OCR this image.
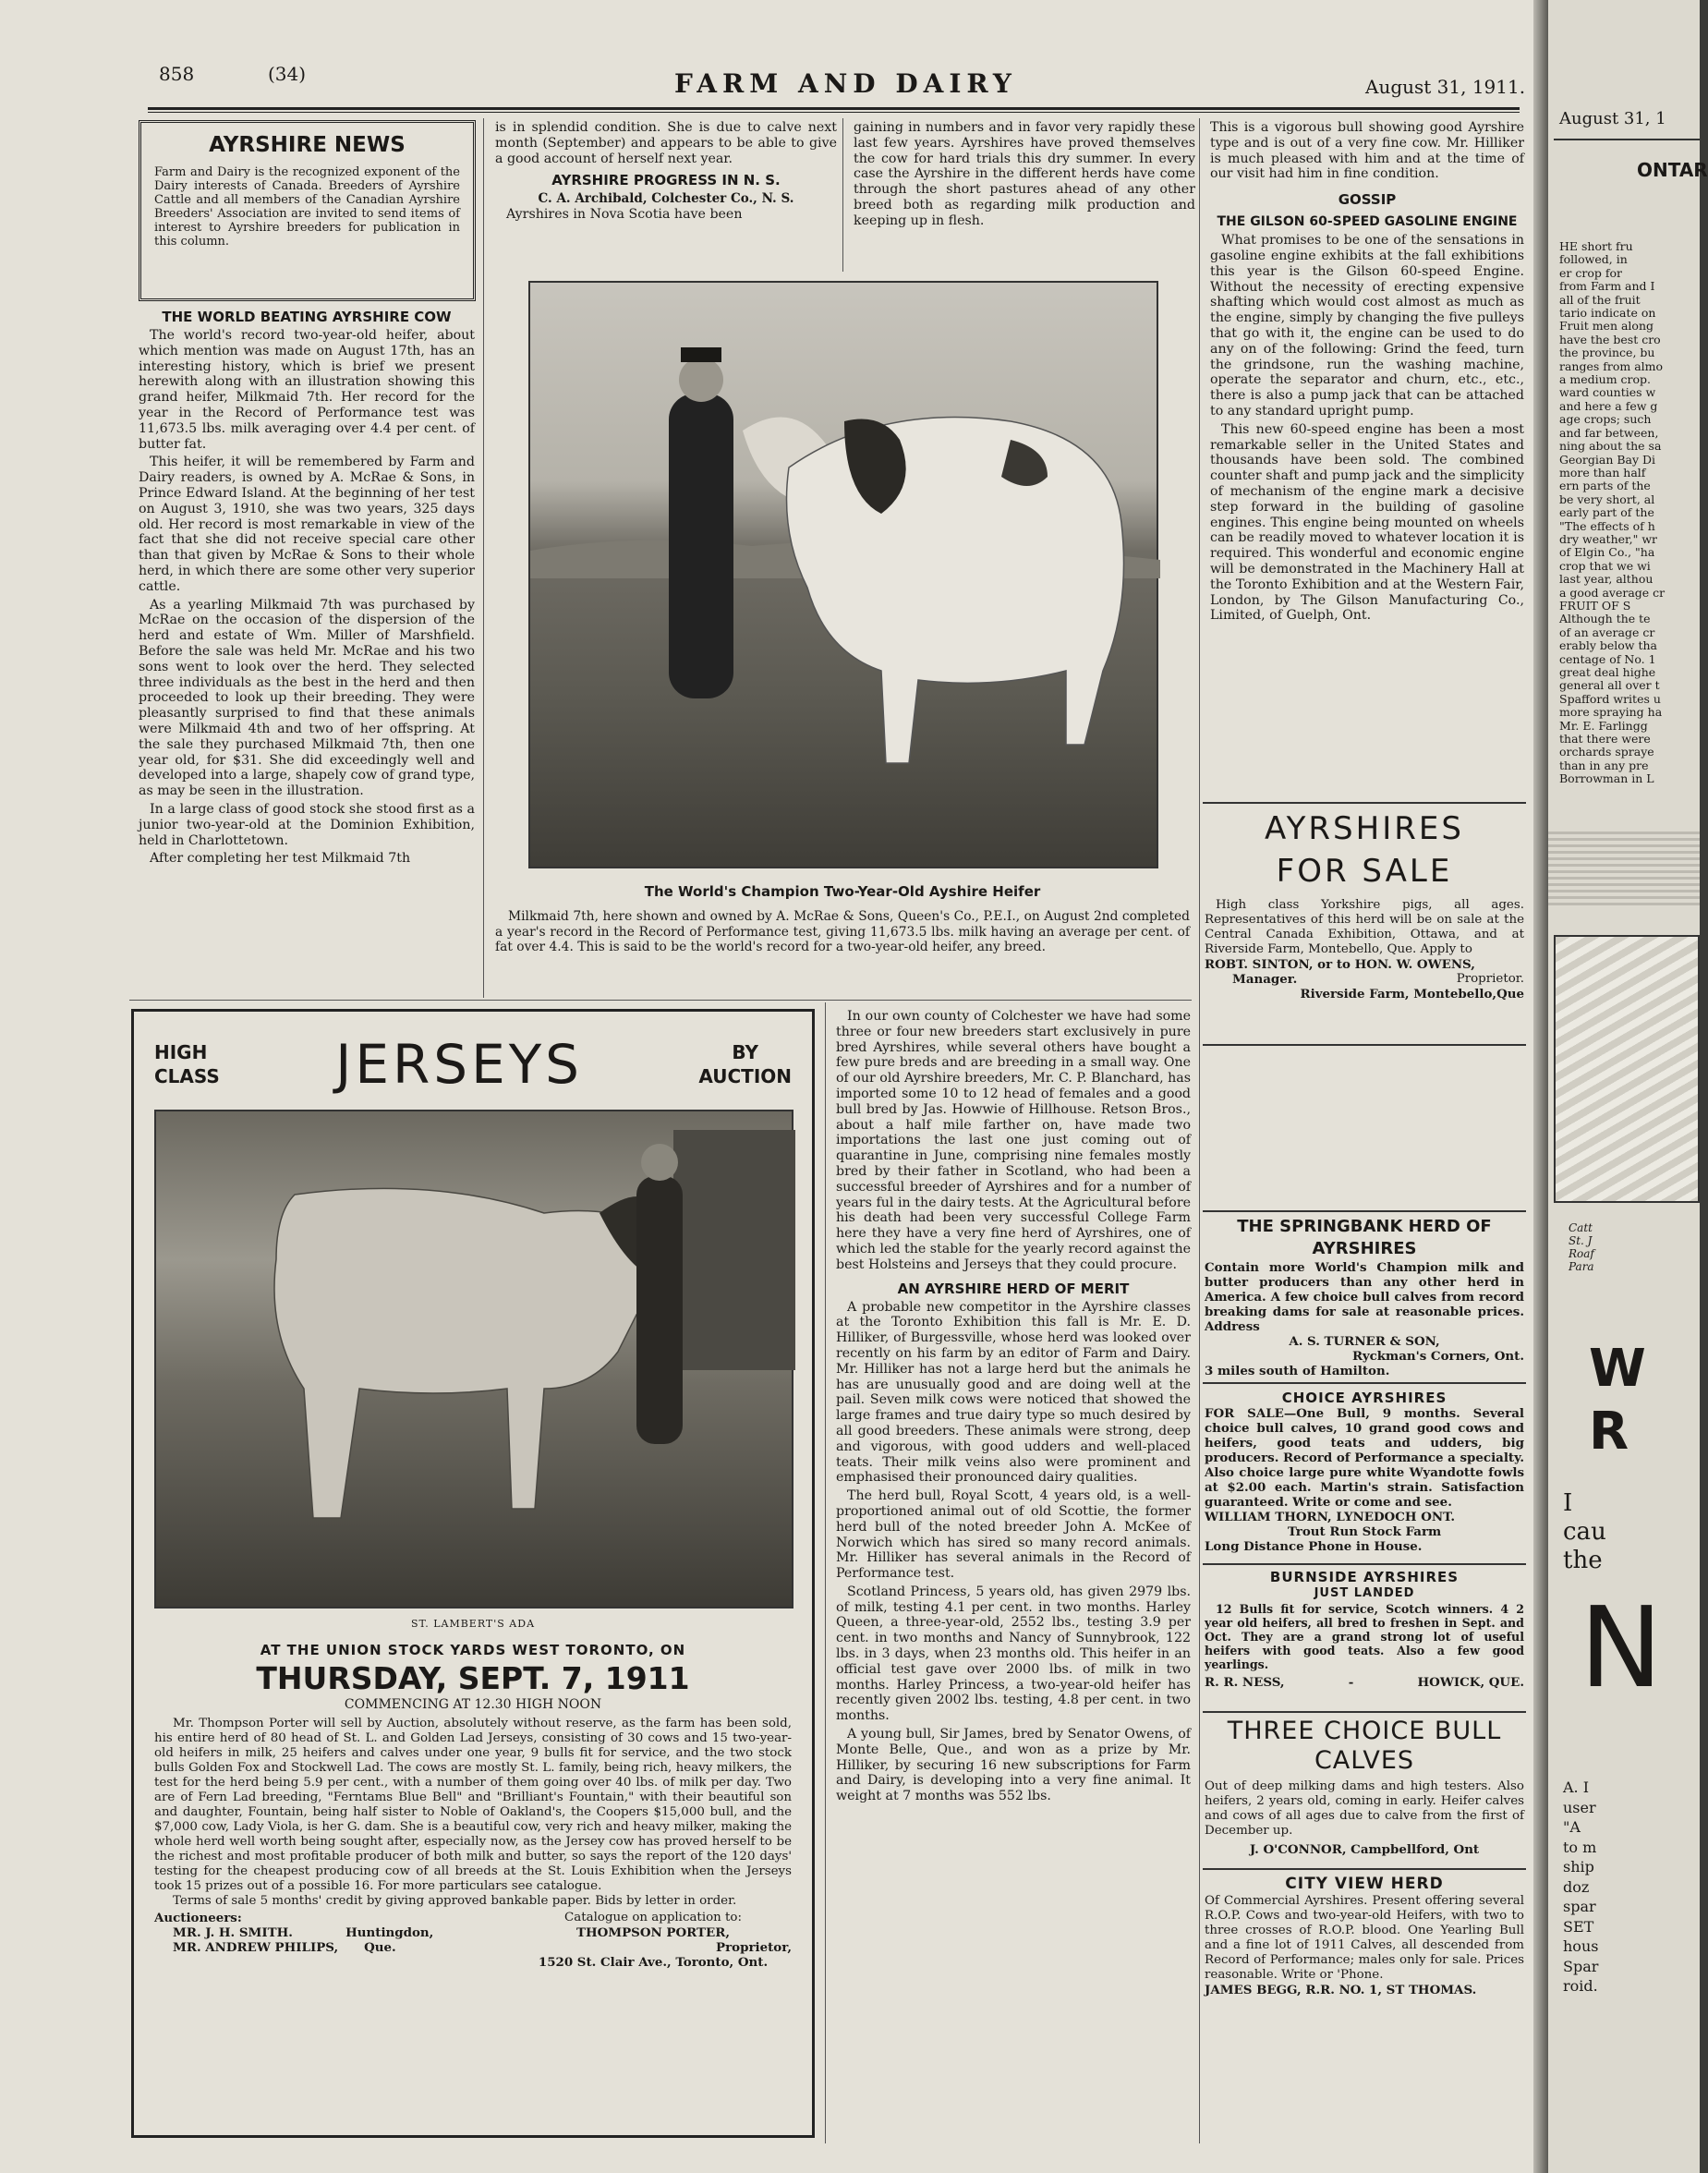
858	(34)	FARM AND DAIRY	August 31, 1911.
AYRSHIRE NEWS
Farm and Dairy is the recognized exponent of the Dairy interests of Canada. Breeders of Ayrshire Cattle and all members of the Canadian Ayrshire Breeders' Association are invited to send items of interest to Ayrshire breeders for publication in this column.
THE WORLD BEATING AYRSHIRE COW

The world's record two-year-old heifer, about which mention was made on August 17th, has an interesting history, which is brief we present herewith along with an illustration showing this grand heifer, Milkmaid 7th. Her record for the year in the Record of Performance test was 11,673.5 lbs. milk averaging over 4.4 per cent. of butter fat.

This heifer, it will be remembered by Farm and Dairy readers, is owned by A. McRae & Sons, in Prince Edward Island. At the beginning of her test on August 3, 1910, she was two years, 325 days old. Her record is most remarkable in view of the fact that she did not receive special care other than that given by McRae & Sons to their whole herd, in which there are some other very superior cattle.

As a yearling Milkmaid 7th was purchased by McRae on the occasion of the dispersion of the herd and estate of Wm. Miller of Marshfield. Before the sale was held Mr. McRae and his two sons went to look over the herd. They selected three individuals as the best in the herd and then proceeded to look up their breeding. They were pleasantly surprised to find that these animals were Milkmaid 4th and two of her offspring. At the sale they purchased Milkmaid 7th, then one year old, for $31. She did exceedingly well and developed into a large, shapely cow of grand type, as may be seen in the illustration.

In a large class of good stock she stood first as a junior two-year-old at the Dominion Exhibition, held in Charlottetown.

After completing her test Milkmaid 7th

is in splendid condition. She is due to calve next month (September) and appears to be able to give a good account of herself next year.

AYRSHIRE PROGRESS IN N. S.
C. A. Archibald, Colchester Co., N. S.

Ayrshires in Nova Scotia have been

gaining in numbers and in favor very rapidly these last few years. Ayrshires have proved themselves the cow for hard trials this dry summer. In every case the Ayrshire in the different herds have come through the short pastures ahead of any other breed both as regarding milk production and keeping up in flesh.

The World's Champion Two-Year-Old Ayshire Heifer
Milkmaid 7th, here shown and owned by A. McRae & Sons, Queen's Co., P.E.I., on August 2nd completed a year's record in the Record of Performance test, giving 11,673.5 lbs. milk having an average per cent. of fat over 4.4. This is said to be the world's record for a two-year-old heifer, any breed.
HIGH
CLASS JERSEYS	BY
AUCTION
ST. LAMBERT'S ADA
AT THE UNION STOCK YARDS WEST TORONTO, ON
THURSDAY, SEPT. 7, 1911
COMMENCING AT 12.30 HIGH NOON
Mr. Thompson Porter will sell by Auction, absolutely without reserve, as the farm has been sold, his entire herd of 80 head of St. L. and Golden Lad Jerseys, consisting of 30 cows and 15 two-year-old heifers in milk, 25 heifers and calves under one year, 9 bulls fit for service, and the two stock bulls Golden Fox and Stockwell Lad. The cows are mostly St. L. family, being rich, heavy milkers, the test for the herd being 5.9 per cent., with a number of them going over 40 lbs. of milk per day. Two are of Fern Lad breeding, "Ferntams Blue Bell" and "Brilliant's Fountain," with their beautiful son and daughter, Fountain, being half sister to Noble of Oakland's, the Coopers $15,000 bull, and the $7,000 cow, Lady Viola, is her G. dam. She is a beautiful cow, very rich and heavy milker, making the whole herd well worth being sought after, especially now, as the Jersey cow has proved herself to be the richest and most profitable producer of both milk and butter, so says the report of the 120 days' testing for the cheapest producing cow of all breeds at the St. Louis Exhibition when the Jerseys took 15 prizes out of a possible 16. For more particulars see catalogue.
Terms of sale 5 months' credit by giving approved bankable paper. Bids by letter in order.
Auctioneers:
MR. J. H. SMITH.
MR. ANDREW PHILIPS,
Huntingdon,
Que.
Catalogue on application to:
THOMPSON PORTER,
Proprietor,
1520 St. Clair Ave., Toronto, Ont.

In our own county of Colchester we have had some three or four new breeders start exclusively in pure bred Ayrshires, while several others have bought a few pure breds and are breeding in a small way. One of our old Ayrshire breeders, Mr. C. P. Blanchard, has imported some 10 to 12 head of females and a good bull bred by Jas. Howwie of Hillhouse. Retson Bros., about a half mile farther on, have made two importations the last one just coming out of quarantine in June, comprising nine females mostly bred by their father in Scotland, who had been a successful breeder of Ayrshires and for a number of years ful in the dairy tests. At the Agricultural before his death had been very successful College Farm here they have a very fine herd of Ayrshires, one of which led the stable for the yearly record against the best Holsteins and Jerseys that they could procure.

AN AYRSHIRE HERD OF MERIT

A probable new competitor in the Ayrshire classes at the Toronto Exhibition this fall is Mr. E. D. Hilliker, of Burgessville, whose herd was looked over recently on his farm by an editor of Farm and Dairy. Mr. Hilliker has not a large herd but the animals he has are unusually good and are doing well at the pail. Seven milk cows were noticed that showed the large frames and true dairy type so much desired by all good breeders. These animals were strong, deep and vigorous, with good udders and well-placed teats. Their milk veins also were prominent and emphasised their pronounced dairy qualities.

The herd bull, Royal Scott, 4 years old, is a well-proportioned animal out of old Scottie, the former herd bull of the noted breeder John A. McKee of Norwich which has sired so many record animals. Mr. Hilliker has several animals in the Record of Performance test.

Scotland Princess, 5 years old, has given 2979 lbs. of milk, testing 4.1 per cent. in two months. Harley Queen, a three-year-old, 2552 lbs., testing 3.9 per cent. in two months and Nancy of Sunnybrook, 122 lbs. in 3 days, when 23 months old. This heifer in an official test gave over 2000 lbs. of milk in two months. Harley Princess, a two-year-old heifer has recently given 2002 lbs. testing, 4.8 per cent. in two months.

A young bull, Sir James, bred by Senator Owens, of Monte Belle, Que., and won as a prize by Mr. Hilliker, by securing 16 new subscriptions for Farm and Dairy, is developing into a very fine animal. It weight at 7 months was 552 lbs.

This is a vigorous bull showing good Ayrshire type and is out of a very fine cow. Mr. Hilliker is much pleased with him and at the time of our visit had him in fine condition.

GOSSIP
THE GILSON 60-SPEED GASOLINE ENGINE

What promises to be one of the sensations in gasoline engine exhibits at the fall exhibitions this year is the Gilson 60-speed Engine. Without the necessity of erecting expensive shafting which would cost almost as much as the engine, simply by changing the five pulleys that go with it, the engine can be used to do any on of the following: Grind the feed, turn the grindsone, run the washing machine, operate the separator and churn, etc., etc., there is also a pump jack that can be attached to any standard upright pump.

This new 60-speed engine has been a most remarkable seller in the United States and thousands have been sold. The combined counter shaft and pump jack and the simplicity of mechanism of the engine mark a decisive step forward in the building of gasoline engines. This engine being mounted on wheels can be readily moved to whatever location it is required. This wonderful and economic engine will be demonstrated in the Machinery Hall at the Toronto Exhibition and at the Western Fair, London, by The Gilson Manufacturing Co., Limited, of Guelph, Ont.

AYRSHIRES
FOR SALE
High class Yorkshire pigs, all ages. Representatives of this herd will be on sale at the Central Canada Exhibition, Ottawa, and at Riverside Farm, Montebello, Que. Apply to
ROBT. SINTON, or to HON. W. OWENS,
Manager.	Proprietor.
Riverside Farm, Montebello,Que
THE SPRINGBANK HERD OF AYRSHIRES
Contain more World's Champion milk and butter producers than any other herd in America. A few choice bull calves from record breaking dams for sale at reasonable prices. Address
A. S. TURNER & SON,
Ryckman's Corners, Ont.
3 miles south of Hamilton.
CHOICE AYRSHIRES
FOR SALE—One Bull, 9 months. Several choice bull calves, 10 grand good cows and heifers, good teats and udders, big producers. Record of Performance a specialty. Also choice large pure white Wyandotte fowls at $2.00 each. Martin's strain. Satisfaction guaranteed. Write or come and see.
WILLIAM THORN, LYNEDOCH ONT.
Trout Run Stock Farm
Long Distance Phone in House.
BURNSIDE AYRSHIRES
JUST LANDED
12 Bulls fit for service, Scotch winners. 4 2 year old heifers, all bred to freshen in Sept. and Oct. They are a grand strong lot of useful heifers with good teats. Also a few good yearlings.
R. R. NESS,	-	HOWICK, QUE.
THREE CHOICE BULL
CALVES
Out of deep milking dams and high testers. Also heifers, 2 years old, coming in early. Heifer calves and cows of all ages due to calve from the first of December up.
J. O'CONNOR, Campbellford, Ont
CITY VIEW HERD
Of Commercial Ayrshires. Present offering several R.O.P. Cows and two-year-old Heifers, with two to three crosses of R.O.P. blood. One Yearling Bull and a fine lot of 1911 Calves, all descended from Record of Performance; males only for sale. Prices reasonable. Write or 'Phone.
JAMES BEGG, R.R. NO. 1, ST THOMAS.
August 31, 1
ONTAR
HE short fru
followed, in
er crop for
from Farm and I
all of the fruit
tario indicate on
Fruit men along
have the best cro
the province, bu
ranges from almo
a medium crop.
ward counties w
and here a few g
age crops; such
and far between,
ning about the sa
Georgian Bay Di
more than half
ern parts of the
be very short, al
early part of the
"The effects of h
dry weather," wr
of Elgin Co., "ha
crop that we wi
last year, althou
a good average cr
FRUIT OF S
Although the te
of an average cr
erably below tha
centage of No. 1
great deal highe
general all over t
Spafford writes u
more spraying ha
Mr. E. Farlingg
that there were
orchards spraye
than in any pre
Borrowman in L
Catt
St. J
Roaf
Para
W
R
I
cau
the
N
A. I
user
"A
to m
ship
doz
spar
SET
hous
Spar
roid.
